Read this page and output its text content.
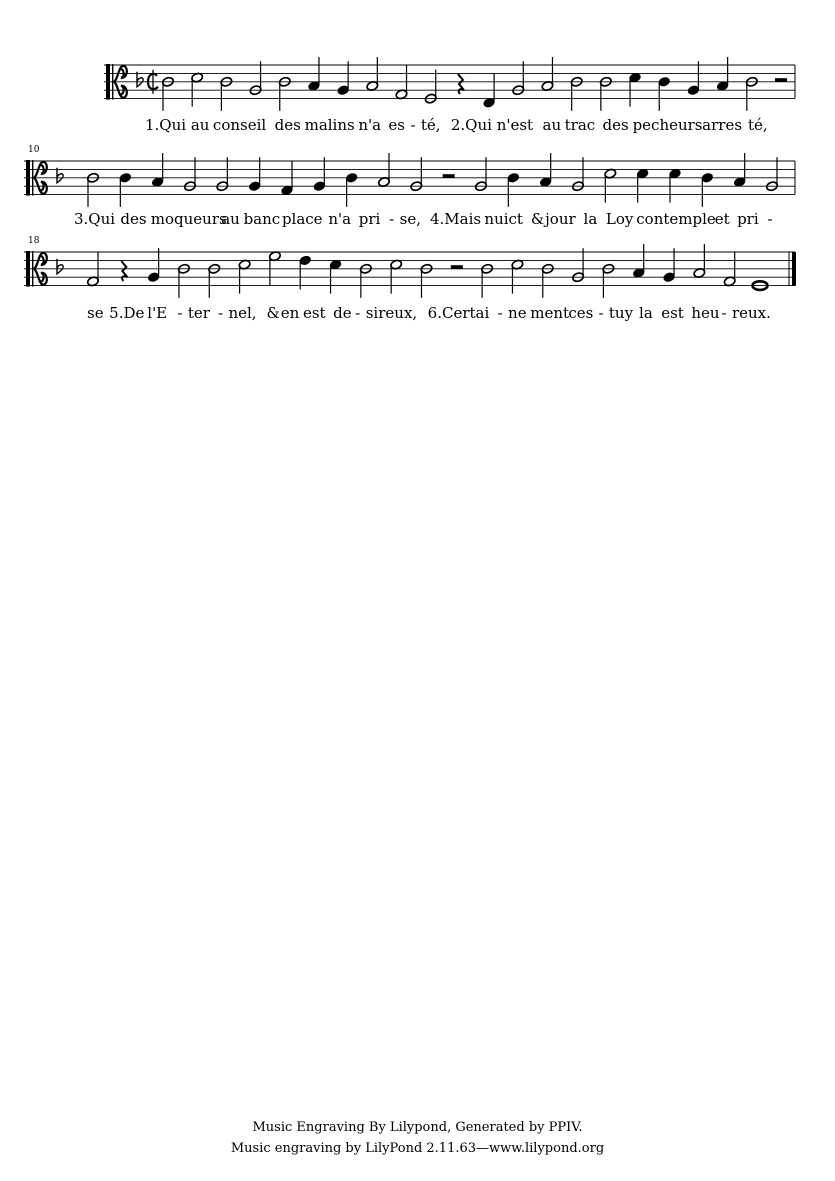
1.Qui au conseil des malins n'a es - té, 2.Qui n'est au trac des pecheurs arres té,
10
3.Qui des moqueurs
au banc place n'a pri - se, 4.Mais nuict & jour la Loy contemple
et pri -
18
se 5.De l'E - ter - nel, & en est de - sireux, 6.Certai - ne ment ces - tuy la est heu - reux.
Music Engraving By Lilypond, Generated by PPIV.
Music engraving by LilyPond 2.11.63—www.lilypond.org
